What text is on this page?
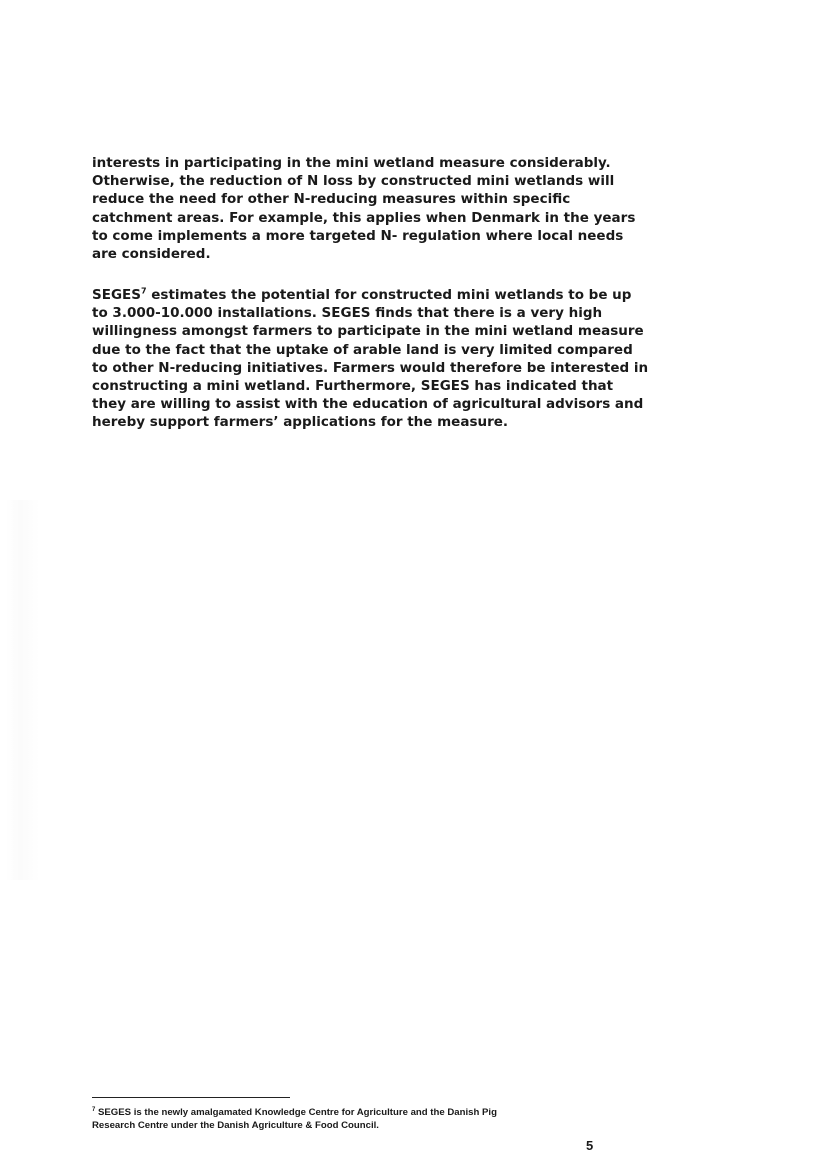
interests in participating in the mini wetland measure considerably.
Otherwise, the reduction of N loss by constructed mini wetlands will
reduce the need for other N-reducing measures within specific
catchment areas. For example, this applies when Denmark in the years
to come implements a more targeted N- regulation where local needs
are considered.

SEGES$^7$ estimates the potential for constructed mini wetlands to be up
to 3.000-10.000 installations. SEGES finds that there is a very high
willingness amongst farmers to participate in the mini wetland measure
due to the fact that the uptake of arable land is very limited compared
to other N-reducing initiatives. Farmers would therefore be interested in
constructing a mini wetland. Furthermore, SEGES has indicated that
they are willing to assist with the education of agricultural advisors and
hereby support farmers’ applications for the measure.

$^7$ SEGES is the newly amalgamated Knowledge Centre for Agriculture and the Danish Pig
Research Centre under the Danish Agriculture & Food Council.

5
